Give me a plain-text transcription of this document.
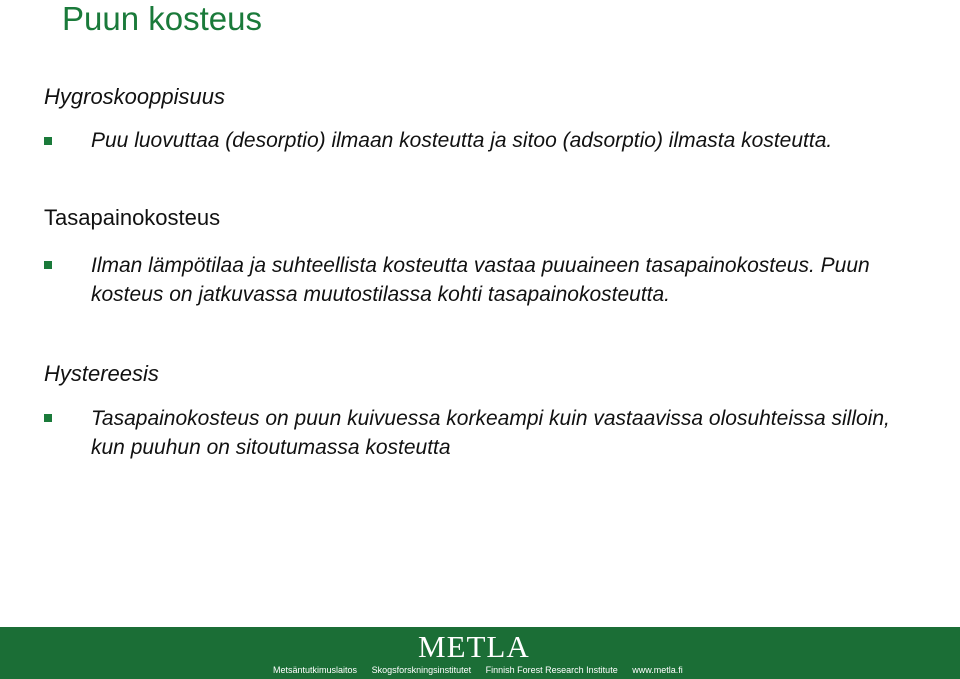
Puun kosteus
Hygroskooppisuus
Puu luovuttaa (desorptio) ilmaan kosteutta ja sitoo (adsorptio) ilmasta kosteutta.
Tasapainokosteus
Ilman lämpötilaa ja suhteellista kosteutta vastaa puuaineen tasapainokosteus. Puun kosteus on jatkuvassa muutostilassa kohti tasapainokosteutta.
Hystereesis
Tasapainokosteus on puun kuivuessa korkeampi kuin vastaavissa olosuhteissa silloin, kun puuhun on sitoutumassa kosteutta
METLA
Metsäntutkimuslaitos Skogsforskningsinstitutet Finnish Forest Research Institute www.metla.fi
